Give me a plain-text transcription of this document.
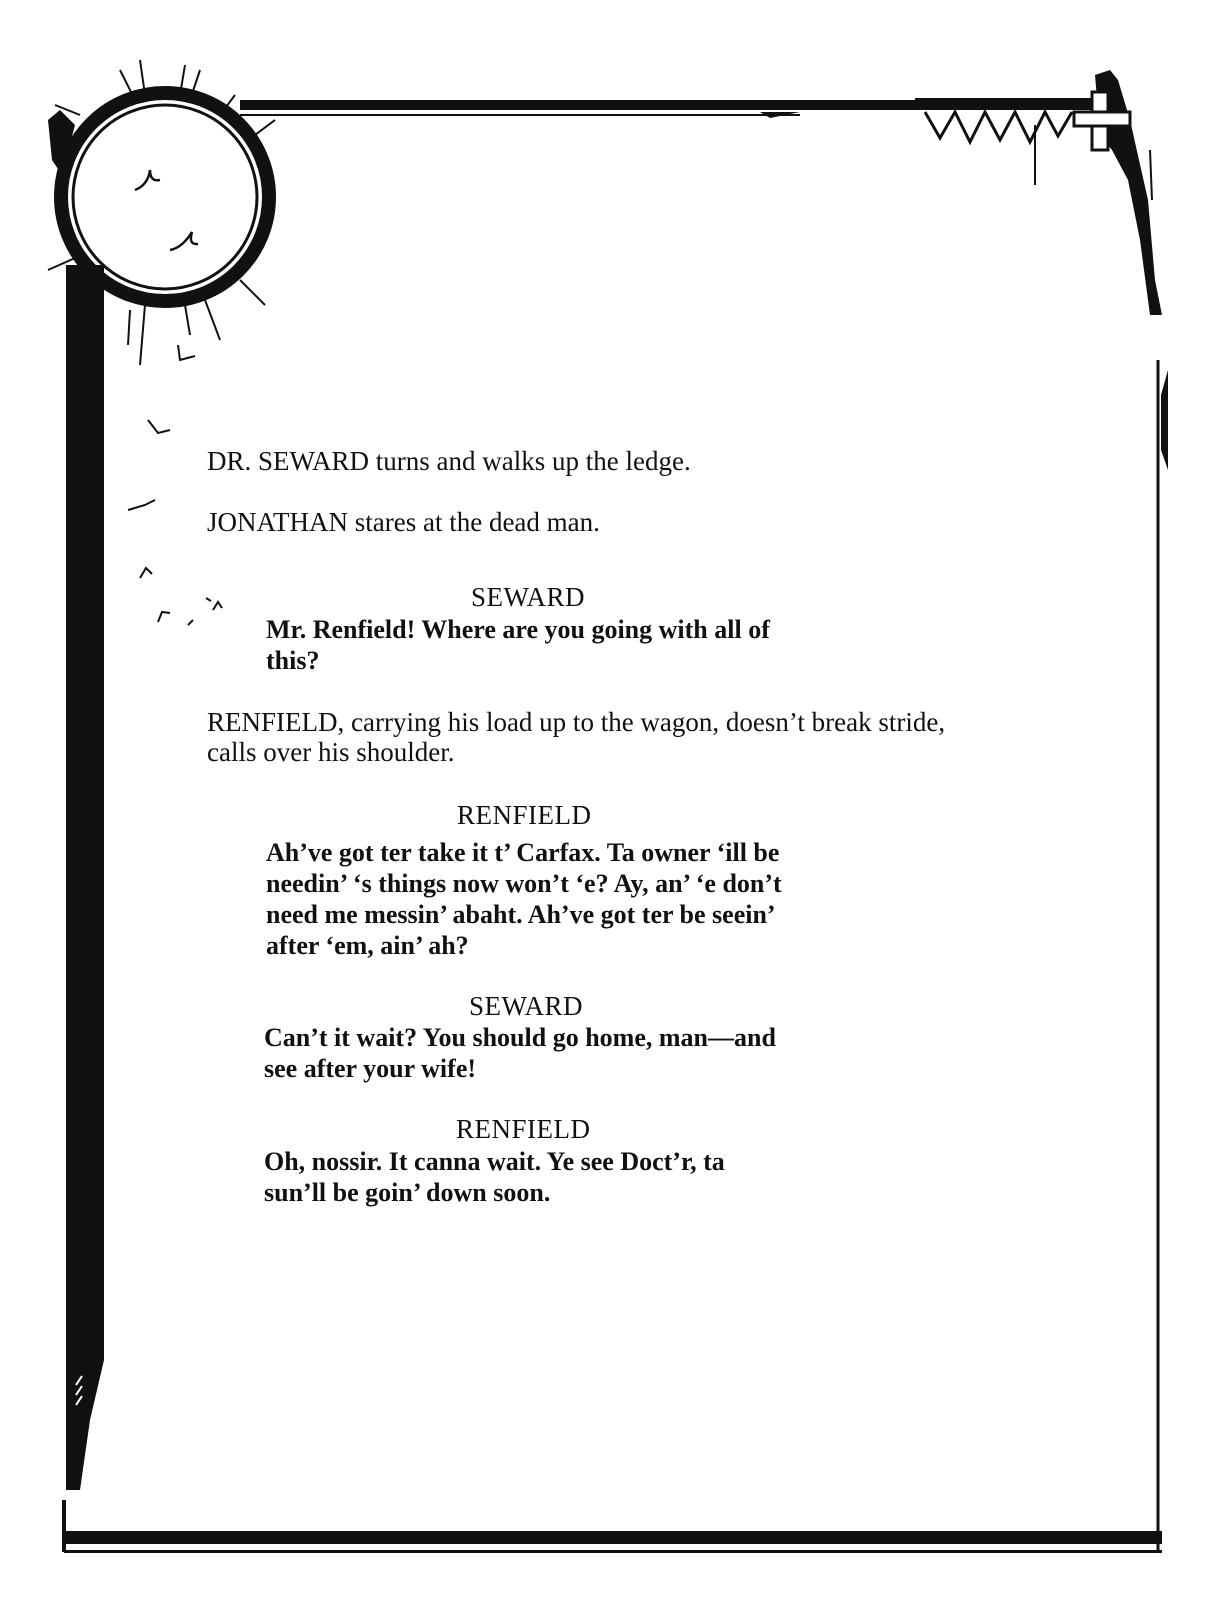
DR. SEWARD turns and walks up the ledge.

JONATHAN stares at the dead man.

SEWARD

Mr. Renfield! Where are you going with all of
this?
RENFIELD, carrying his load up to the wagon, doesn’t break stride,
calls over his shoulder.

RENFIELD

Ah’ve got ter take it t’ Carfax. Ta owner ‘ill be
needin’ ‘s things now won’t ‘e? Ay, an’ ‘e don’t
need me messin’ abaht. Ah’ve got ter be seein’
after ‘em, ain’ ah?

SEWARD

Can’t it wait? You should go home, man—and
see after your wife!

RENFIELD

Oh, nossir. It canna wait. Ye see Doct’r, ta
sun’ll be goin’ down soon.
